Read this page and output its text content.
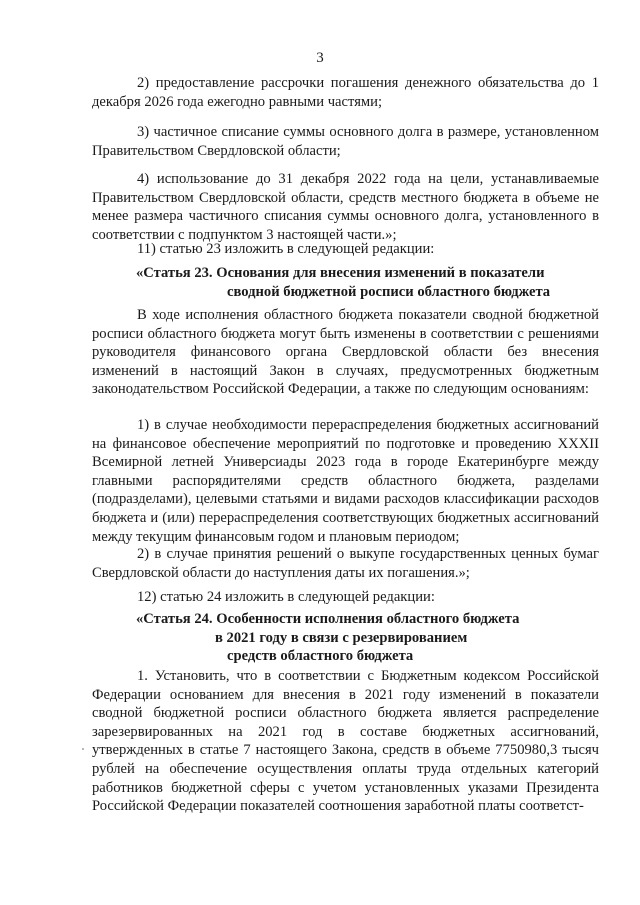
3

2) предоставление рассрочки погашения денежного обязательства до 1 декабря 2026 года ежегодно равными частями;

3) частичное списание суммы основного долга в размере, установленном Правительством Свердловской области;

4) использование до 31 декабря 2022 года на цели, устанавливаемые Правительством Свердловской области, средств местного бюджета в объеме не менее размера частичного списания суммы основного долга, установленного в соответствии с подпунктом 3 настоящей части.»;

11) статью 23 изложить в следующей редакции:

«Статья 23. Основания для внесения изменений в показатели
сводной бюджетной росписи областного бюджета

В ходе исполнения областного бюджета показатели сводной бюджетной росписи областного бюджета могут быть изменены в соответствии с решениями руководителя финансового органа Свердловской области без внесения изменений в настоящий Закон в случаях, предусмотренных бюджетным законодательством Российской Федерации, а также по следующим основаниям:

1) в случае необходимости перераспределения бюджетных ассигнований на финансовое обеспечение мероприятий по подготовке и проведению XXXII Всемирной летней Универсиады 2023 года в городе Екатеринбурге между главными распорядителями средств областного бюджета, разделами (подразделами), целевыми статьями и видами расходов классификации расходов бюджета и (или) перераспределения соответствующих бюджетных ассигнований между текущим финансовым годом и плановым периодом;

2) в случае принятия решений о выкупе государственных ценных бумаг Свердловской области до наступления даты их погашения.»;

12) статью 24 изложить в следующей редакции:

«Статья 24. Особенности исполнения областного бюджета
в 2021 году в связи с резервированием
средств областного бюджета

1. Установить, что в соответствии с Бюджетным кодексом Российской Федерации основанием для внесения в 2021 году изменений в показатели сводной бюджетной росписи областного бюджета является распределение зарезервированных на 2021 год в составе бюджетных ассигнований, утвержденных в статье 7 настоящего Закона, средств в объеме 7750980,3 тысяч рублей на обеспечение осуществления оплаты труда отдельных категорий работников бюджетной сферы с учетом установленных указами Президента Российской Федерации показателей соотношения заработной платы соответст-
